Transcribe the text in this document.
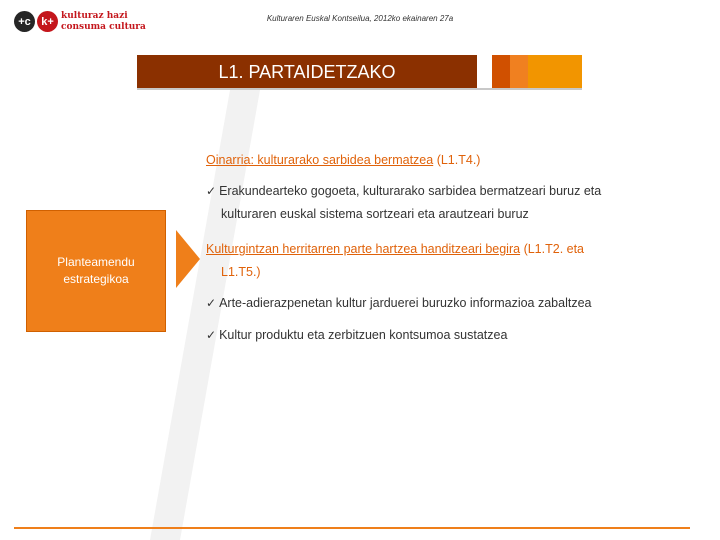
+c k+ kulturaz hazi
consuma cultura
Kulturaren Euskal Kontseilua, 2012ko ekainaren 27a
L1. PARTAIDETZAKO
Planteamendu
estrategikoa
Oinarria: kulturarako sarbidea bermatzea (L1.T4.)
✓ Erakundearteko gogoeta, kulturarako sarbidea bermatzeari buruz eta
kulturaren euskal sistema sortzeari eta arautzeari buruz
Kulturgintzan herritarren parte hartzea handitzeari begira (L1.T2. eta
L1.T5.)
✓ Arte-adierazpenetan kultur jarduerei buruzko informazioa zabaltzea
✓ Kultur produktu eta zerbitzuen kontsumoa sustatzea
